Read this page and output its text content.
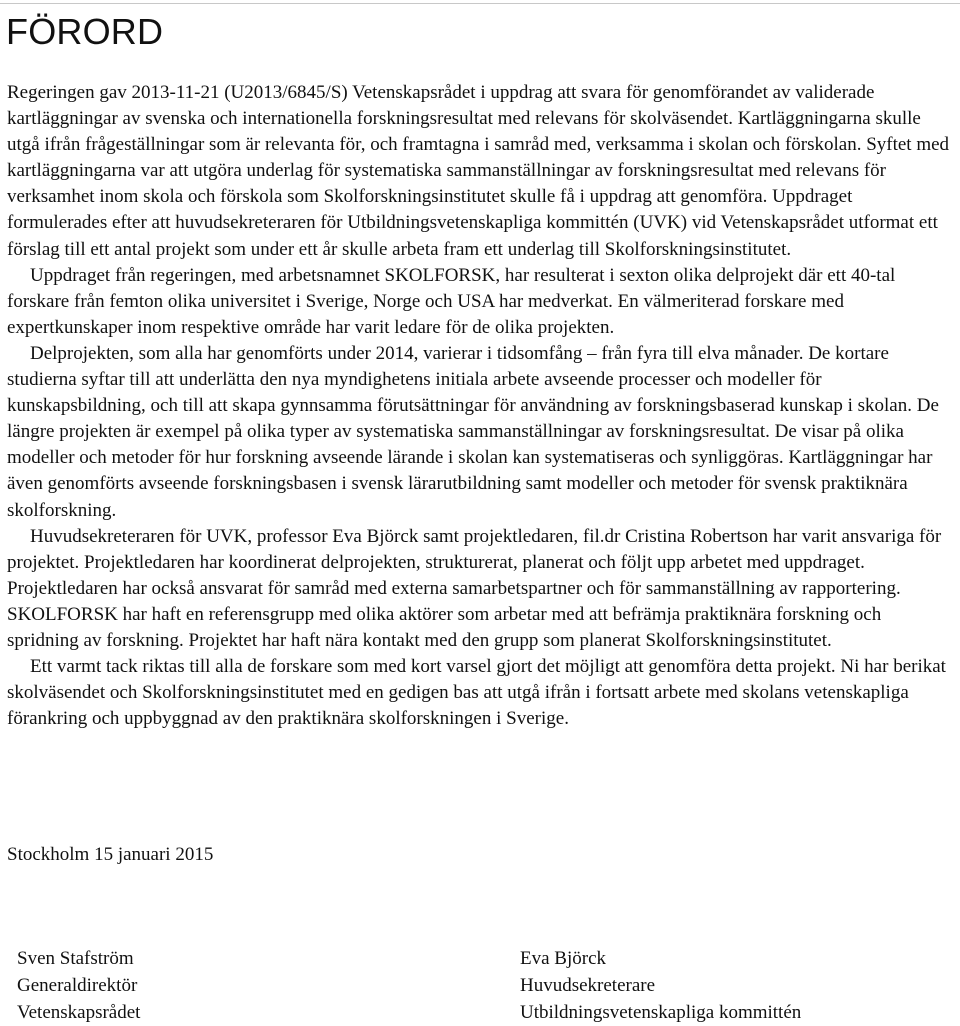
FÖRORD

Regeringen gav 2013-11-21 (U2013/6845/S) Vetenskapsrådet i uppdrag att svara för genomförandet av validerade kartläggningar av svenska och internationella forskningsresultat med relevans för skolväsendet. Kartläggningarna skulle utgå ifrån frågeställningar som är relevanta för, och framtagna i samråd med, verksamma i skolan och förskolan. Syftet med kartläggningarna var att utgöra underlag för systematiska sammanställningar av forskningsresultat med relevans för verksamhet inom skola och förskola som Skolforskningsinstitutet skulle få i uppdrag att genomföra. Uppdraget formulerades efter att huvudsekreteraren för Utbildningsvetenskapliga kommittén (UVK) vid Vetenskapsrådet utformat ett förslag till ett antal projekt som under ett år skulle arbeta fram ett underlag till Skolforskningsinstitutet.

Uppdraget från regeringen, med arbetsnamnet SKOLFORSK, har resulterat i sexton olika delprojekt där ett 40-tal forskare från femton olika universitet i Sverige, Norge och USA har medverkat. En välmeriterad forskare med expertkunskaper inom respektive område har varit ledare för de olika projekten.

Delprojekten, som alla har genomförts under 2014, varierar i tidsomfång – från fyra till elva månader. De kortare studierna syftar till att underlätta den nya myndighetens initiala arbete avseende processer och modeller för kunskapsbildning, och till att skapa gynnsamma förutsättningar för användning av forskningsbaserad kunskap i skolan. De längre projekten är exempel på olika typer av systematiska sammanställningar av forskningsresultat. De visar på olika modeller och metoder för hur forskning avseende lärande i skolan kan systematiseras och synliggöras. Kartläggningar har även genomförts avseende forskningsbasen i svensk lärarutbildning samt modeller och metoder för svensk praktiknära skolforskning.

Huvudsekreteraren för UVK, professor Eva Björck samt projektledaren, fil.dr Cristina Robertson har varit ansvariga för projektet. Projektledaren har koordinerat delprojekten, strukturerat, planerat och följt upp arbetet med uppdraget. Projektledaren har också ansvarat för samråd med externa samarbetspartner och för sammanställning av rapportering. SKOLFORSK har haft en referensgrupp med olika aktörer som arbetar med att befrämja praktiknära forskning och spridning av forskning. Projektet har haft nära kontakt med den grupp som planerat Skolforskningsinstitutet.

Ett varmt tack riktas till alla de forskare som med kort varsel gjort det möjligt att genomföra detta projekt. Ni har berikat skolväsendet och Skolforskningsinstitutet med en gedigen bas att utgå ifrån i fortsatt arbete med skolans vetenskapliga förankring och uppbyggnad av den praktiknära skolforskningen i Sverige.

Stockholm 15 januari 2015

Sven Stafström
Generaldirektör
Vetenskapsrådet
Eva Björck
Huvudsekreterare
Utbildningsvetenskapliga kommittén
